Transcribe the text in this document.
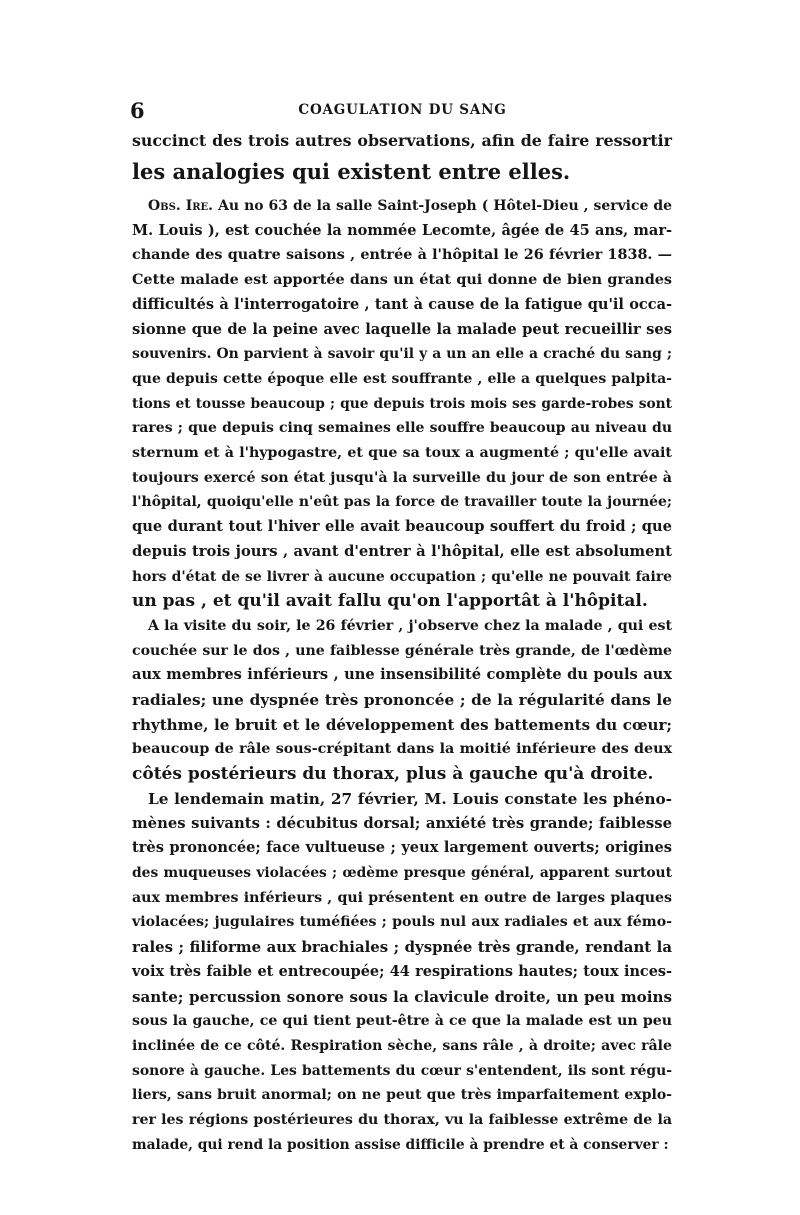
6	COAGULATION DU SANG

succinct des trois autres observations, afin de faire ressortir
les analogies qui existent entre elles.

Obs. Ire. Au no 63 de la salle Saint-Joseph ( Hôtel-Dieu , service de
M. Louis ), est couchée la nommée Lecomte, âgée de 45 ans, mar-
chande des quatre saisons , entrée à l'hôpital le 26 février 1838. —
Cette malade est apportée dans un état qui donne de bien grandes
difficultés à l'interrogatoire , tant à cause de la fatigue qu'il occa-
sionne que de la peine avec laquelle la malade peut recueillir ses
souvenirs. On parvient à savoir qu'il y a un an elle a craché du sang ;
que depuis cette époque elle est souffrante , elle a quelques palpita-
tions et tousse beaucoup ; que depuis trois mois ses garde-robes sont
rares ; que depuis cinq semaines elle souffre beaucoup au niveau du
sternum et à l'hypogastre, et que sa toux a augmenté ; qu'elle avait
toujours exercé son état jusqu'à la surveille du jour de son entrée à
l'hôpital, quoiqu'elle n'eût pas la force de travailler toute la journée;
que durant tout l'hiver elle avait beaucoup souffert du froid ; que
depuis trois jours , avant d'entrer à l'hôpital, elle est absolument
hors d'état de se livrer à aucune occupation ; qu'elle ne pouvait faire
un pas , et qu'il avait fallu qu'on l'apportât à l'hôpital.

A la visite du soir, le 26 février , j'observe chez la malade , qui est
couchée sur le dos , une faiblesse générale très grande, de l'œdème
aux membres inférieurs , une insensibilité complète du pouls aux
radiales; une dyspnée très prononcée ; de la régularité dans le
rhythme, le bruit et le développement des battements du cœur;
beaucoup de râle sous-crépitant dans la moitié inférieure des deux
côtés postérieurs du thorax, plus à gauche qu'à droite.

Le lendemain matin, 27 février, M. Louis constate les phéno-
mènes suivants : décubitus dorsal; anxiété très grande; faiblesse
très prononcée; face vultueuse ; yeux largement ouverts; origines
des muqueuses violacées ; œdème presque général, apparent surtout
aux membres inférieurs , qui présentent en outre de larges plaques
violacées; jugulaires tuméfiées ; pouls nul aux radiales et aux fémo-
rales ; filiforme aux brachiales ; dyspnée très grande, rendant la
voix très faible et entrecoupée; 44 respirations hautes; toux inces-
sante; percussion sonore sous la clavicule droite, un peu moins
sous la gauche, ce qui tient peut-être à ce que la malade est un peu
inclinée de ce côté. Respiration sèche, sans râle , à droite; avec râle
sonore à gauche. Les battements du cœur s'entendent, ils sont régu-
liers, sans bruit anormal; on ne peut que très imparfaitement explo-
rer les régions postérieures du thorax, vu la faiblesse extrême de la
malade, qui rend la position assise difficile à prendre et à conserver :
